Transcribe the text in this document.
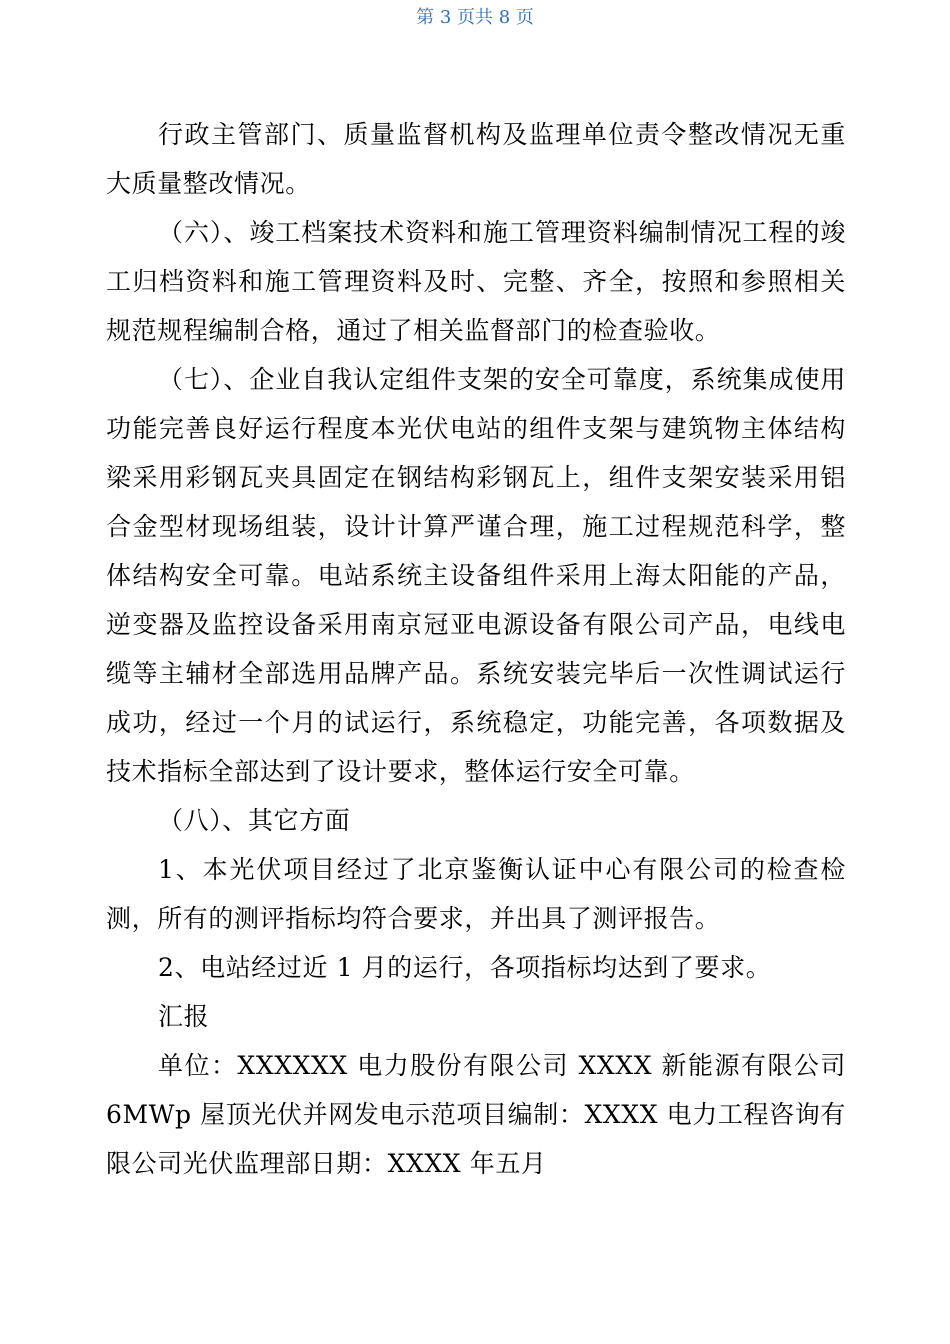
第 3 页共 8 页

行政主管部门、质量监督机构及监理单位责令整改情况无重大质量整改情况。

（六）、竣工档案技术资料和施工管理资料编制情况工程的竣工归档资料和施工管理资料及时、完整、齐全，按照和参照相关规范规程编制合格，通过了相关监督部门的检查验收。

（七）、企业自我认定组件支架的安全可靠度，系统集成使用功能完善良好运行程度本光伏电站的组件支架与建筑物主体结构梁采用彩钢瓦夹具固定在钢结构彩钢瓦上，组件支架安装采用铝合金型材现场组装，设计计算严谨合理，施工过程规范科学，整体结构安全可靠。电站系统主设备组件采用上海太阳能的产品，逆变器及监控设备采用南京冠亚电源设备有限公司产品，电线电缆等主辅材全部选用品牌产品。系统安装完毕后一次性调试运行成功，经过一个月的试运行，系统稳定，功能完善，各项数据及技术指标全部达到了设计要求，整体运行安全可靠。

（八）、其它方面

1、本光伏项目经过了北京鉴衡认证中心有限公司的检查检测，所有的测评指标均符合要求，并出具了测评报告。

2、电站经过近 1 月的运行，各项指标均达到了要求。

汇报

单位：XXXXXX 电力股份有限公司 XXXX 新能源有限公司 6MWp 屋顶光伏并网发电示范项目编制：XXXX 电力工程咨询有限公司光伏监理部日期：XXXX 年五月
